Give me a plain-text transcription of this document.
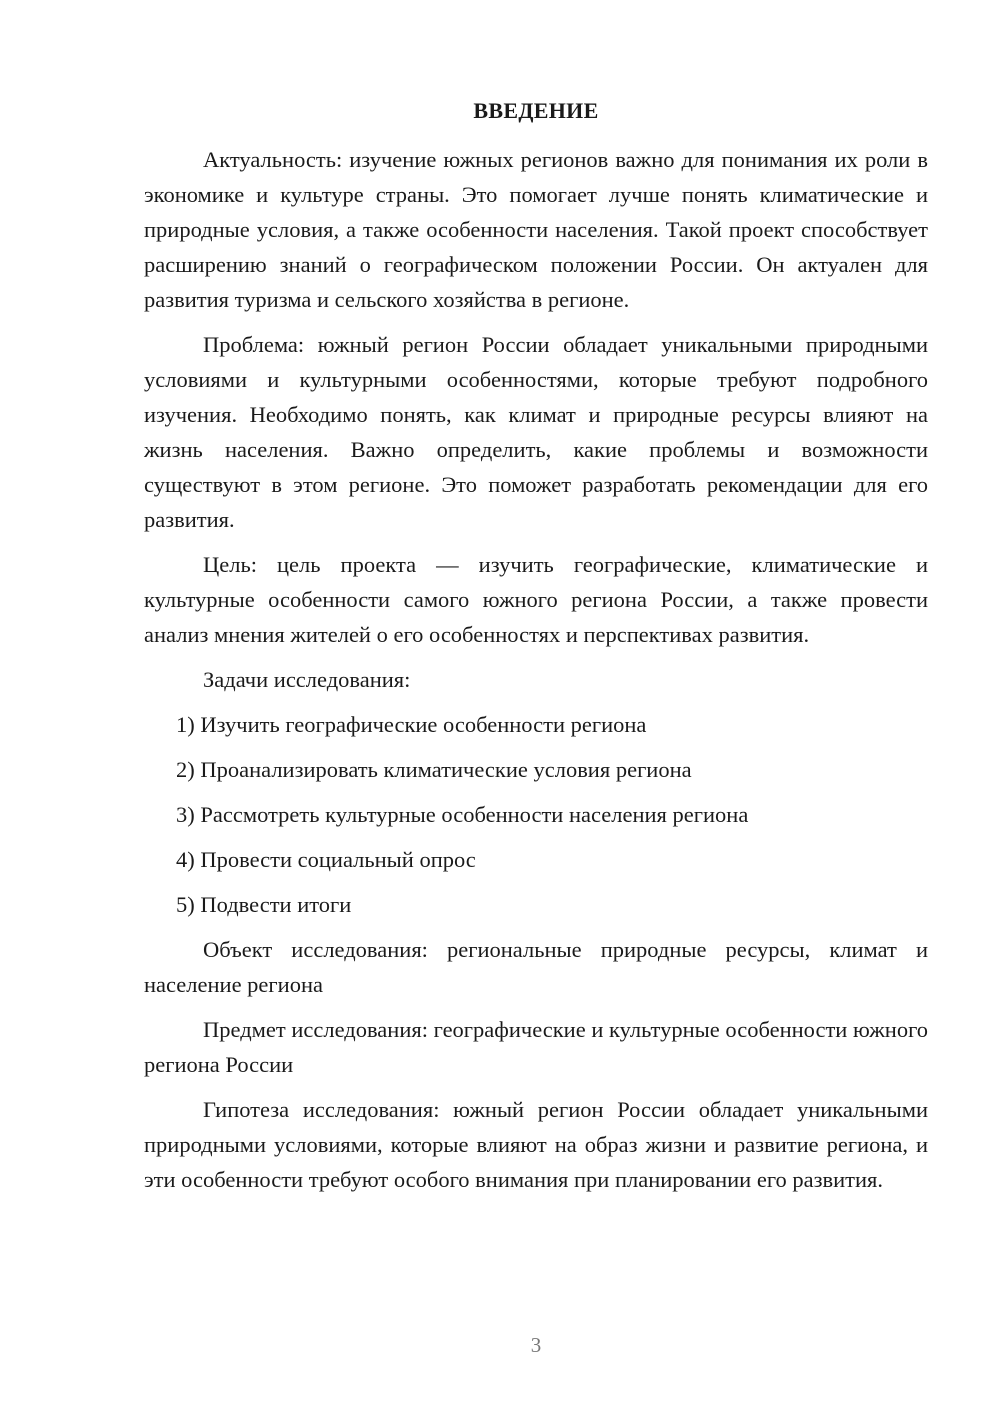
ВВЕДЕНИЕ

Актуальность: изучение южных регионов важно для понимания их роли в экономике и культуре страны. Это помогает лучше понять климатические и природные условия, а также особенности населения. Такой проект способствует расширению знаний о географическом положении России. Он актуален для развития туризма и сельского хозяйства в регионе.

Проблема: южный регион России обладает уникальными природными условиями и культурными особенностями, которые требуют подробного изучения. Необходимо понять, как климат и природные ресурсы влияют на жизнь населения. Важно определить, какие проблемы и возможности существуют в этом регионе. Это поможет разработать рекомендации для его развития.

Цель: цель проекта — изучить географические, климатические и культурные особенности самого южного региона России, а также провести анализ мнения жителей о его особенностях и перспективах развития.

Задачи исследования:

1) Изучить географические особенности региона
2) Проанализировать климатические условия региона
3) Рассмотреть культурные особенности населения региона
4) Провести социальный опрос
5) Подвести итоги

Объект исследования: региональные природные ресурсы, климат и население региона

Предмет исследования: географические и культурные особенности южного региона России

Гипотеза исследования: южный регион России обладает уникальными природными условиями, которые влияют на образ жизни и развитие региона, и эти особенности требуют особого внимания при планировании его развития.

3
